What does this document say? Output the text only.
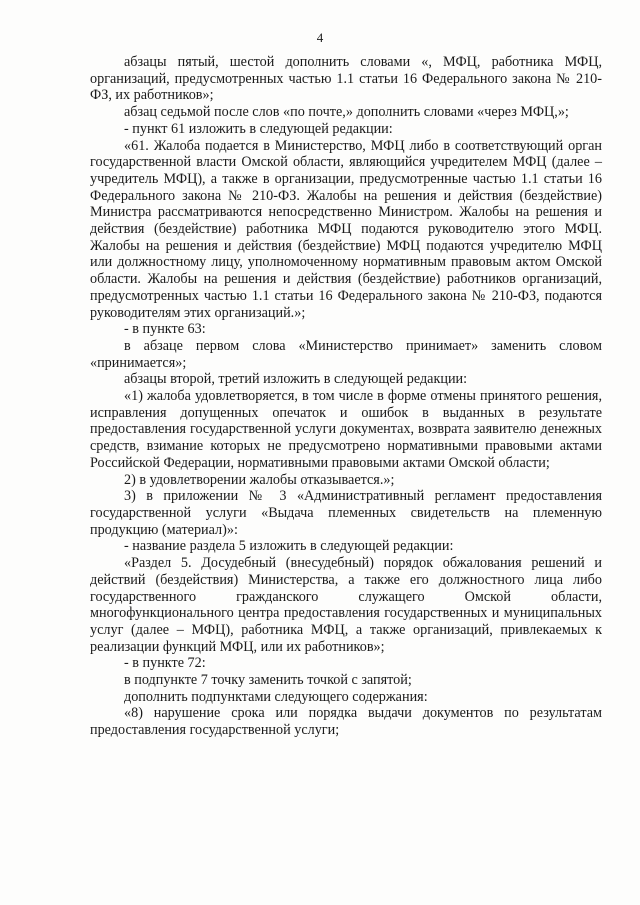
4

абзацы пятый, шестой дополнить словами «, МФЦ, работника МФЦ, организаций, предусмотренных частью 1.1 статьи 16 Федерального закона № 210-ФЗ, их работников»;

абзац седьмой после слов «по почте,» дополнить словами «через МФЦ,»;

- пункт 61 изложить в следующей редакции:

«61. Жалоба подается в Министерство, МФЦ либо в соответствующий орган государственной власти Омской области, являющийся учредителем МФЦ (далее – учредитель МФЦ), а также в организации, предусмотренные частью 1.1 статьи 16 Федерального закона № 210-ФЗ. Жалобы на решения и действия (бездействие) Министра рассматриваются непосредственно Министром. Жалобы на решения и действия (бездействие) работника МФЦ подаются руководителю этого МФЦ. Жалобы на решения и действия (бездействие) МФЦ подаются учредителю МФЦ или должностному лицу, уполномоченному нормативным правовым актом Омской области. Жалобы на решения и действия (бездействие) работников организаций, предусмотренных частью 1.1 статьи 16 Федерального закона № 210-ФЗ, подаются руководителям этих организаций.»;

- в пункте 63:

в абзаце первом слова «Министерство принимает» заменить словом «принимается»;

абзацы второй, третий изложить в следующей редакции:

«1) жалоба удовлетворяется, в том числе в форме отмены принятого решения, исправления допущенных опечаток и ошибок в выданных в результате предоставления государственной услуги документах, возврата заявителю денежных средств, взимание которых не предусмотрено нормативными правовыми актами Российской Федерации, нормативными правовыми актами Омской области;

2) в удовлетворении жалобы отказывается.»;

3) в приложении № 3 «Административный регламент предоставления государственной услуги «Выдача племенных свидетельств на племенную продукцию (материал)»:

- название раздела 5 изложить в следующей редакции:

«Раздел 5. Досудебный (внесудебный) порядок обжалования решений и действий (бездействия) Министерства, а также его должностного лица либо государственного гражданского служащего Омской области, многофункционального центра предоставления государственных и муниципальных услуг (далее – МФЦ), работника МФЦ, а также организаций, привлекаемых к реализации функций МФЦ, или их работников»;

- в пункте 72:

в подпункте 7 точку заменить точкой с запятой;

дополнить подпунктами следующего содержания:

«8) нарушение срока или порядка выдачи документов по результатам предоставления государственной услуги;
